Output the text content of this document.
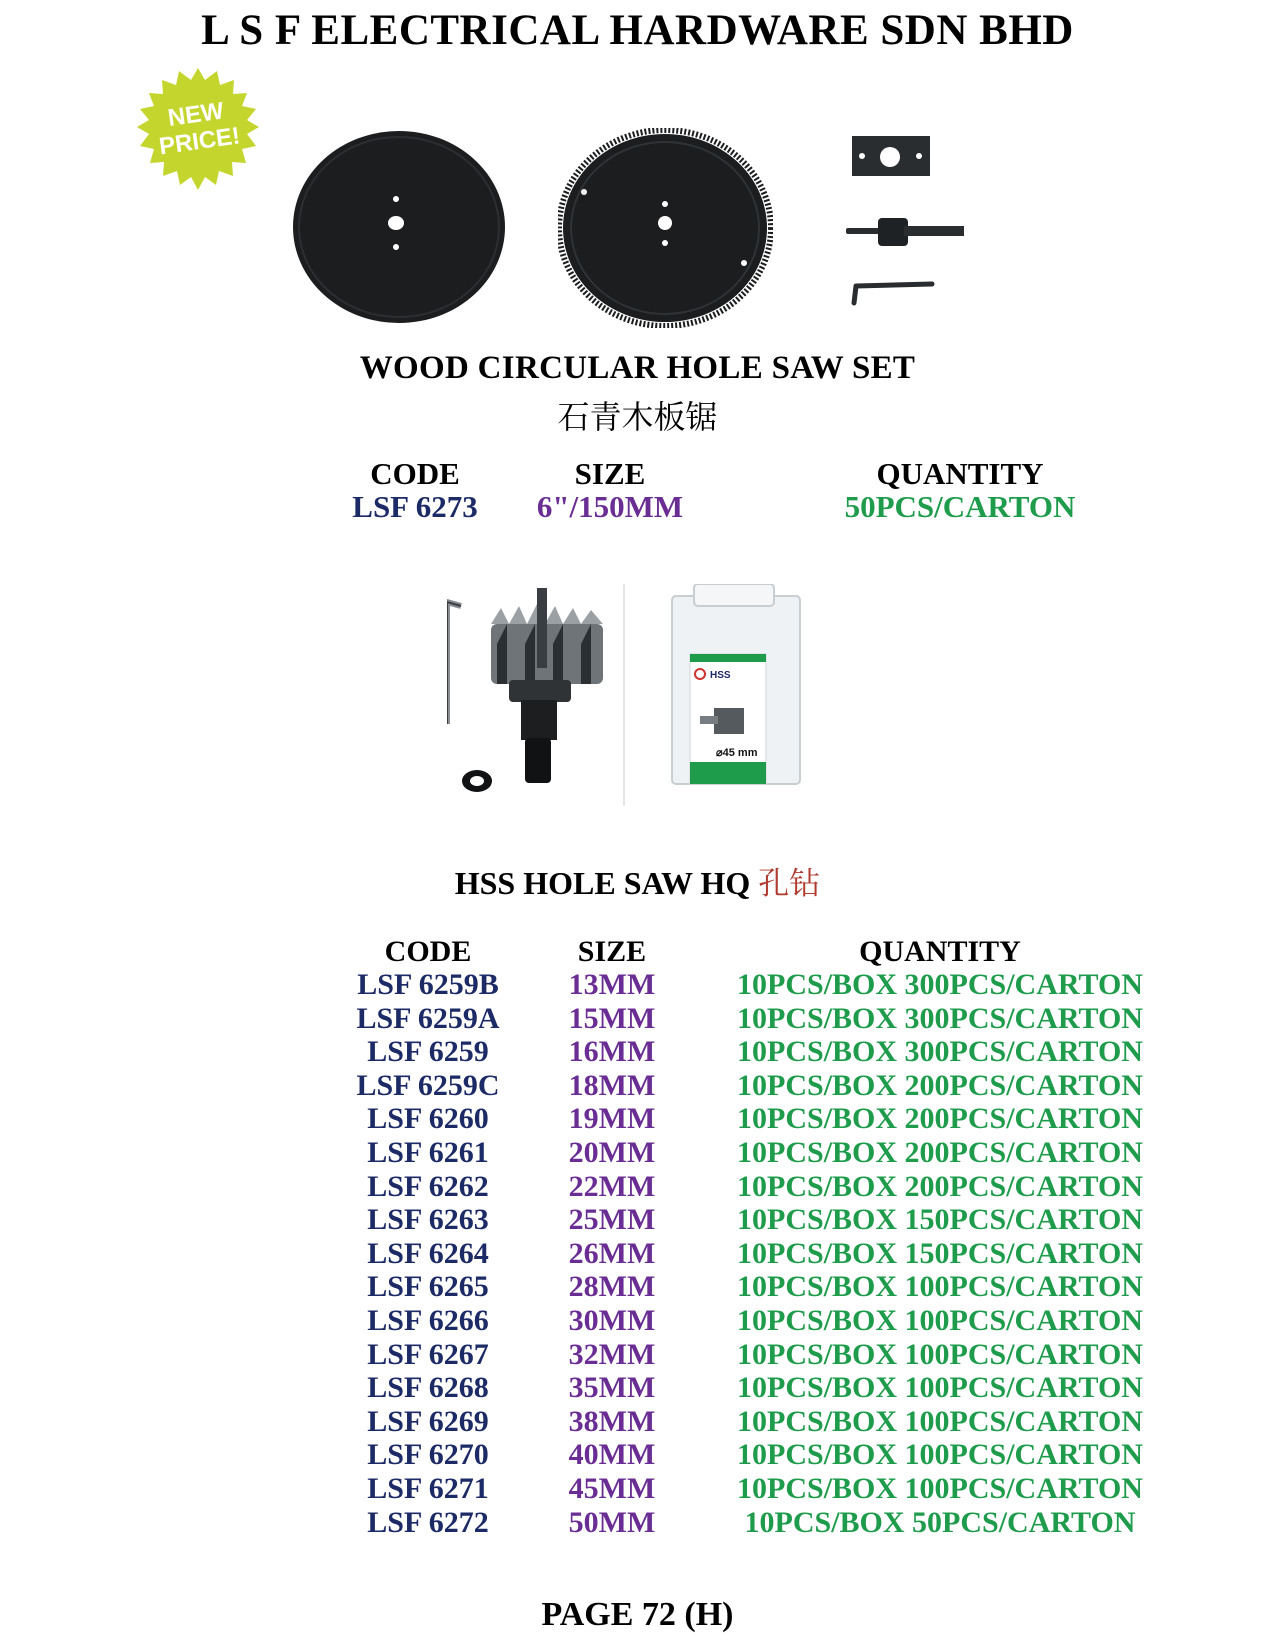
L S F ELECTRICAL HARDWARE SDN BHD
NEW
PRICE!
WOOD CIRCULAR HOLE SAW SET
石青木板锯
CODE	SIZE	QUANTITY
LSF 6273	6"/150MM	50PCS/CARTON
HSS
⌀45 mm
HSS HOLE SAW HQ 孔钻
CODE	SIZE	QUANTITY
LSF 6259B	13MM	10PCS/BOX 300PCS/CARTON
LSF 6259A	15MM	10PCS/BOX 300PCS/CARTON
LSF 6259	16MM	10PCS/BOX 300PCS/CARTON
LSF 6259C	18MM	10PCS/BOX 200PCS/CARTON
LSF 6260	19MM	10PCS/BOX 200PCS/CARTON
LSF 6261	20MM	10PCS/BOX 200PCS/CARTON
LSF 6262	22MM	10PCS/BOX 200PCS/CARTON
LSF 6263	25MM	10PCS/BOX 150PCS/CARTON
LSF 6264	26MM	10PCS/BOX 150PCS/CARTON
LSF 6265	28MM	10PCS/BOX 100PCS/CARTON
LSF 6266	30MM	10PCS/BOX 100PCS/CARTON
LSF 6267	32MM	10PCS/BOX 100PCS/CARTON
LSF 6268	35MM	10PCS/BOX 100PCS/CARTON
LSF 6269	38MM	10PCS/BOX 100PCS/CARTON
LSF 6270	40MM	10PCS/BOX 100PCS/CARTON
LSF 6271	45MM	10PCS/BOX 100PCS/CARTON
LSF 6272	50MM	10PCS/BOX 50PCS/CARTON
PAGE 72 (H)
